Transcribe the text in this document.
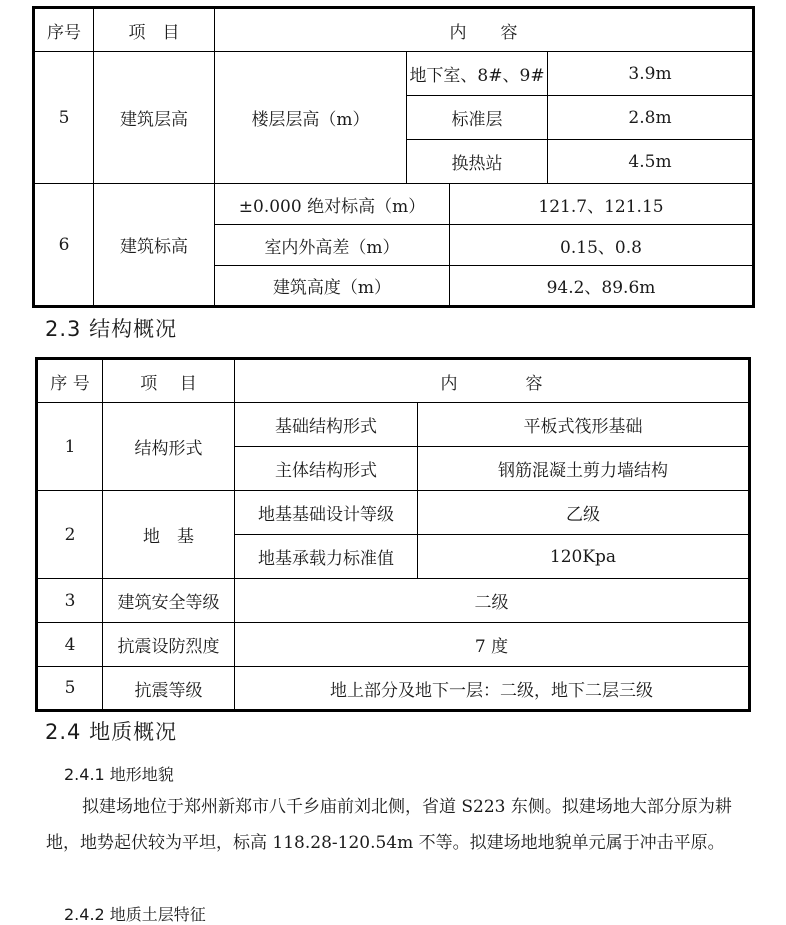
序号	项　目	内　　容			
5	建筑层高	楼层层高（m）	地下室、8#、9#		3.9m
			标准层		2.8m
			换热站		4.5m
6	建筑标高	±0.000 绝对标高（m）		121.7、121.15	
		室内外高差（m）		0.15、0.8	
		建筑高度（m）		94.2、89.6m	
2.3 结构概况
序 号	项　 目	内　　　　容	
1	结构形式	基础结构形式	平板式筏形基础
		主体结构形式	钢筋混凝土剪力墙结构
2	地　基	地基基础设计等级	乙级
		地基承载力标准值	120Kpa
3	建筑安全等级	二级	
4	抗震设防烈度	7 度	
5	抗震等级	地上部分及地下一层：二级，地下二层三级	
2.4 地质概况
2.4.1 地形地貌
拟建场地位于郑州新郑市八千乡庙前刘北侧，省道 S223 东侧。拟建场地大部分原为耕地，地势起伏较为平坦，标高 118.28-120.54m 不等。拟建场地地貌单元属于冲击平原。
2.4.2 地质土层特征
